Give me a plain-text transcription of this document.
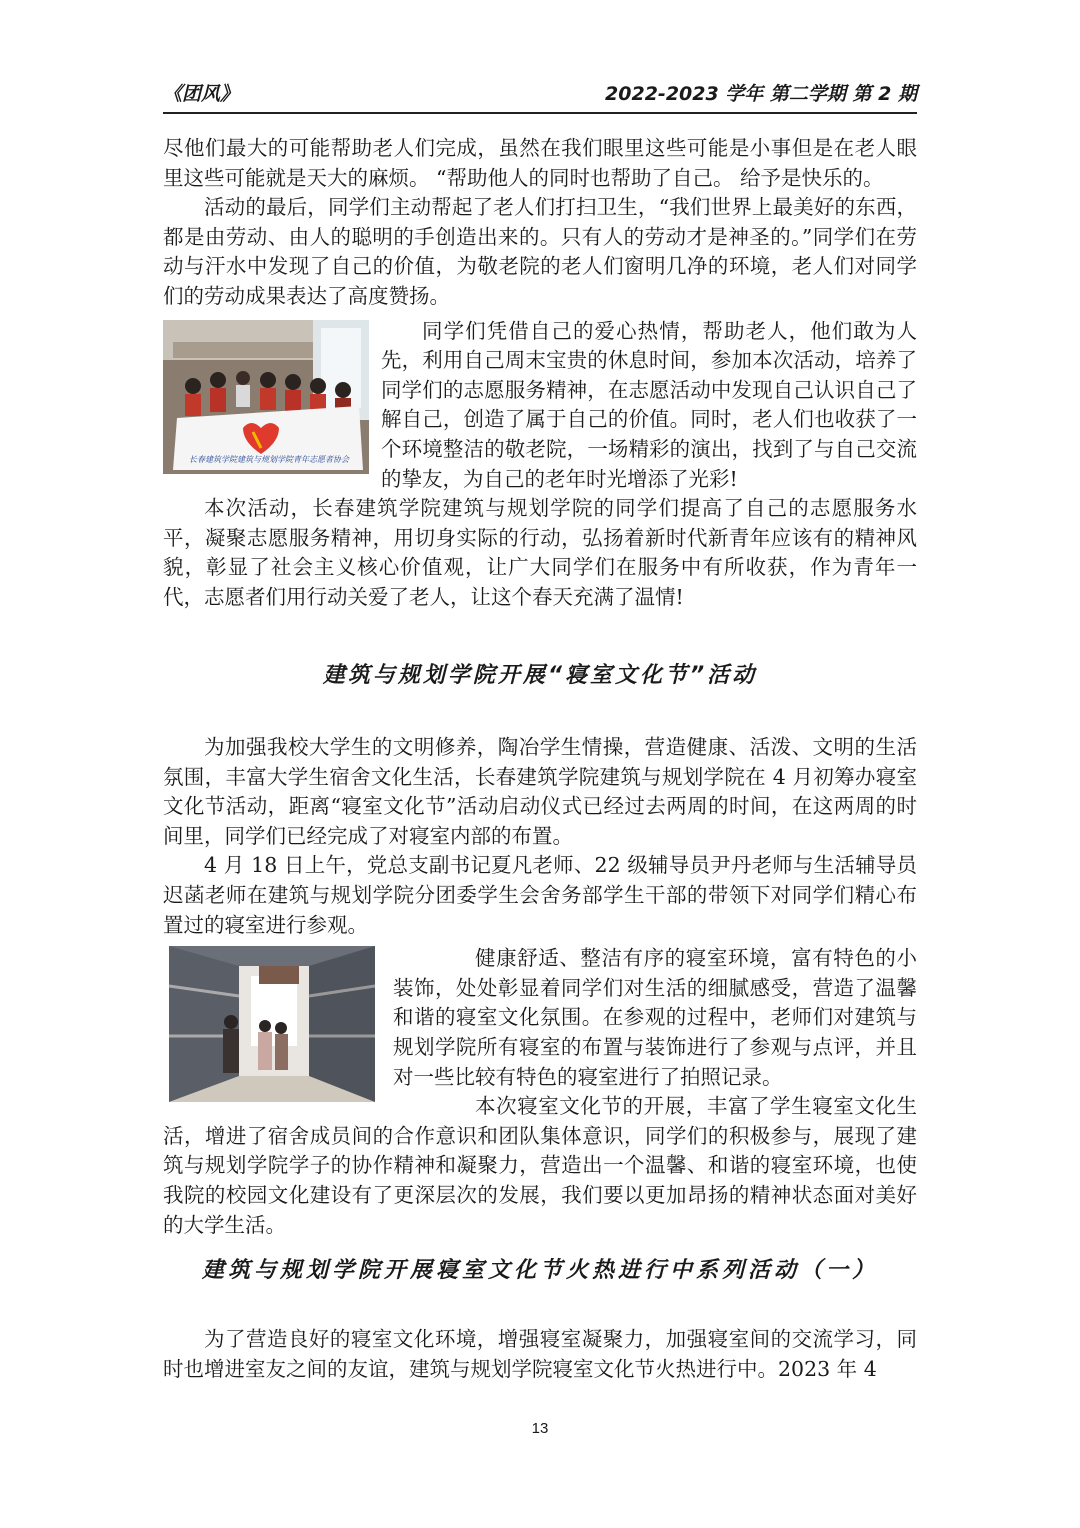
《团风》	2022-2023 学年 第二学期 第 2 期

尽他们最大的可能帮助老人们完成，虽然在我们眼里这些可能是小事但是在老人眼里这些可能就是天大的麻烦。 “帮助他人的同时也帮助了自己。 给予是快乐的。

活动的最后，同学们主动帮起了老人们打扫卫生，“我们世界上最美好的东西，都是由劳动、由人的聪明的手创造出来的。只有人的劳动才是神圣的。”同学们在劳动与汗水中发现了自己的价值，为敬老院的老人们窗明几净的环境，老人们对同学们的劳动成果表达了高度赞扬。

长春建筑学院建筑与规划学院青年志愿者协会

同学们凭借自己的爱心热情，帮助老人，他们敢为人先，利用自己周末宝贵的休息时间，参加本次活动，培养了同学们的志愿服务精神，在志愿活动中发现自己认识自己了解自己，创造了属于自己的价值。同时，老人们也收获了一个环境整洁的敬老院，一场精彩的演出，找到了与自己交流的挚友，为自己的老年时光增添了光彩!

本次活动，长春建筑学院建筑与规划学院的同学们提高了自己的志愿服务水平，凝聚志愿服务精神，用切身实际的行动，弘扬着新时代新青年应该有的精神风貌，彰显了社会主义核心价值观，让广大同学们在服务中有所收获，作为青年一代，志愿者们用行动关爱了老人，让这个春天充满了温情!

建筑与规划学院开展“寝室文化节”活动

为加强我校大学生的文明修养，陶冶学生情操，营造健康、活泼、文明的生活氛围，丰富大学生宿舍文化生活，长春建筑学院建筑与规划学院在 4 月初筹办寝室文化节活动，距离“寝室文化节”活动启动仪式已经过去两周的时间，在这两周的时间里，同学们已经完成了对寝室内部的布置。

4 月 18 日上午，党总支副书记夏凡老师、22 级辅导员尹丹老师与生活辅导员迟菡老师在建筑与规划学院分团委学生会舍务部学生干部的带领下对同学们精心布置过的寝室进行参观。

健康舒适、整洁有序的寝室环境，富有特色的小装饰，处处彰显着同学们对生活的细腻感受，营造了温馨和谐的寝室文化氛围。在参观的过程中，老师们对建筑与规划学院所有寝室的布置与装饰进行了参观与点评，并且对一些比较有特色的寝室进行了拍照记录。

本次寝室文化节的开展，丰富了学生寝室文化生活，增进了宿舍成员间的合作意识和团队集体意识，同学们的积极参与，展现了建筑与规划学院学子的协作精神和凝聚力，营造出一个温馨、和谐的寝室环境，也使我院的校园文化建设有了更深层次的发展，我们要以更加昂扬的精神状态面对美好的大学生活。

建筑与规划学院开展寝室文化节火热进行中系列活动（一）

为了营造良好的寝室文化环境，增强寝室凝聚力，加强寝室间的交流学习，同时也增进室友之间的友谊，建筑与规划学院寝室文化节火热进行中。2023 年 4

13
